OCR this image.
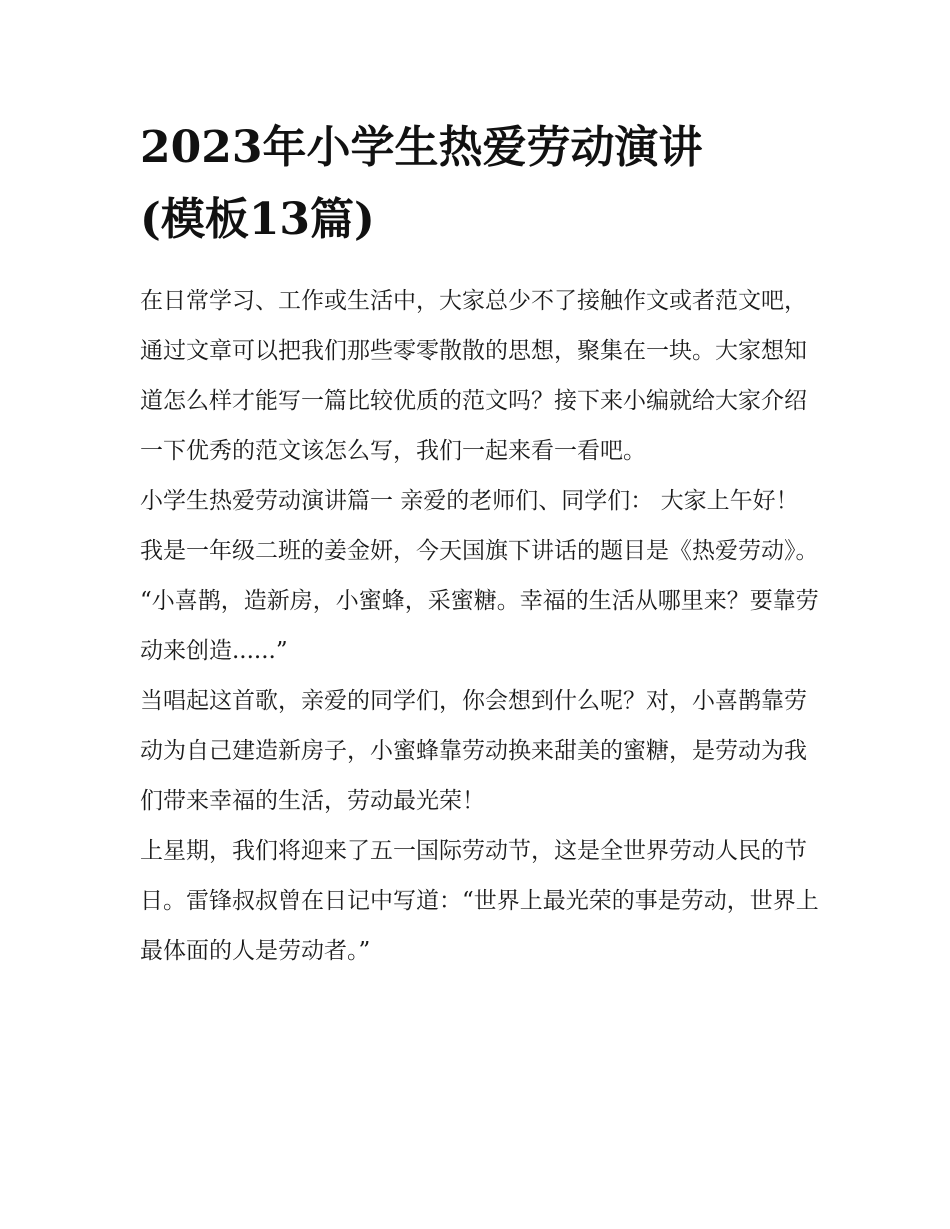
2023年小学生热爱劳动演讲
(模板13篇)

在日常学习、工作或生活中，大家总少不了接触作文或者范文吧，通过文章可以把我们那些零零散散的思想，聚集在一块。大家想知道怎么样才能写一篇比较优质的范文吗？接下来小编就给大家介绍一下优秀的范文该怎么写，我们一起来看一看吧。

小学生热爱劳动演讲篇一 亲爱的老师们、同学们： 大家上午好！ 我是一年级二班的姜金妍，今天国旗下讲话的题目是《热爱劳动》。

“小喜鹊，造新房，小蜜蜂，采蜜糖。幸福的生活从哪里来？要靠劳动来创造......”

当唱起这首歌，亲爱的同学们，你会想到什么呢？对，小喜鹊靠劳动为自己建造新房子，小蜜蜂靠劳动换来甜美的蜜糖，是劳动为我们带来幸福的生活，劳动最光荣！

上星期，我们将迎来了五一国际劳动节，这是全世界劳动人民的节日。雷锋叔叔曾在日记中写道：“世界上最光荣的事是劳动，世界上最体面的人是劳动者。”
